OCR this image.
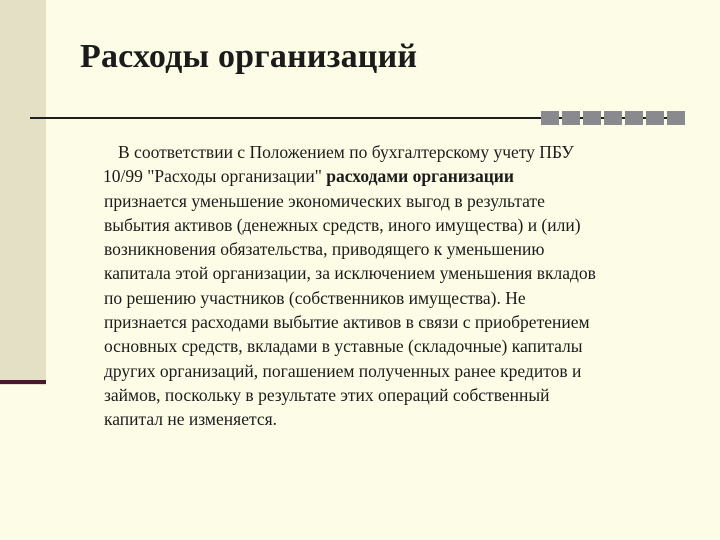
Расходы организаций

В соответствии с Положением по бухгалтерскому учету ПБУ
10/99 "Расходы организации" расходами организации
признается уменьшение экономических выгод в результате
выбытия активов (денежных средств, иного имущества) и (или)
возникновения обязательства, приводящего к уменьшению
капитала этой организации, за исключением уменьшения вкладов
по решению участников (собственников имущества). Не
признается расходами выбытие активов в связи с приобретением
основных средств, вкладами в уставные (складочные) капиталы
других организаций, погашением полученных ранее кредитов и
займов, поскольку в результате этих операций собственный
капитал не изменяется.
